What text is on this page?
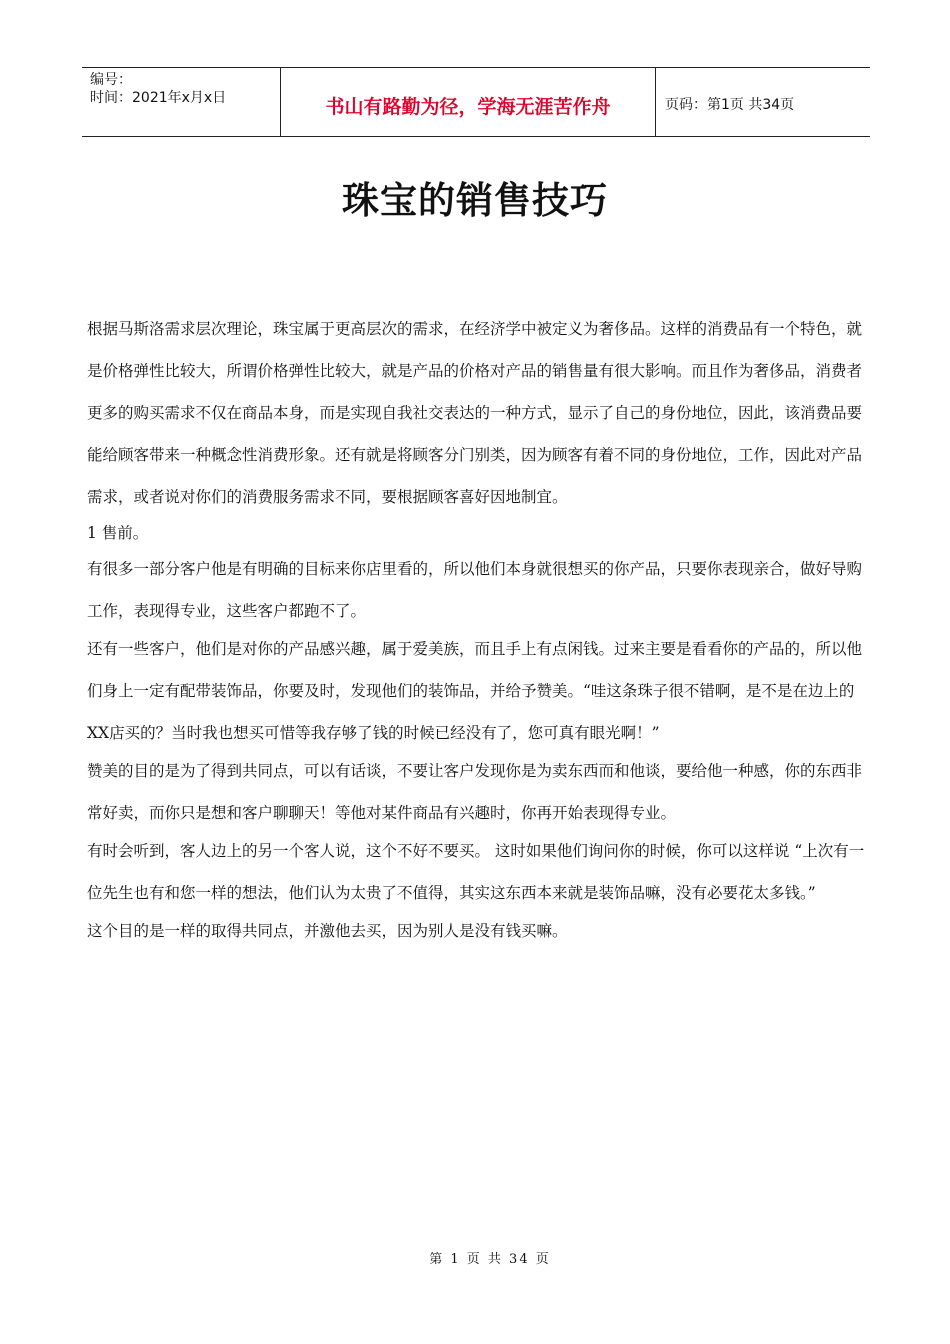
编号：
时间：2021年x月x日	书山有路勤为径，学海无涯苦作舟	页码：第1页 共34页
珠宝的销售技巧

根据马斯洛需求层次理论，珠宝属于更高层次的需求，在经济学中被定义为奢侈品。这样的消费品有一个特色，就是价格弹性比较大，所谓价格弹性比较大，就是产品的价格对产品的销售量有很大影响。而且作为奢侈品，消费者更多的购买需求不仅在商品本身，而是实现自我社交表达的一种方式，显示了自己的身份地位，因此，该消费品要能给顾客带来一种概念性消费形象。还有就是将顾客分门别类，因为顾客有着不同的身份地位，工作，因此对产品需求，或者说对你们的消费服务需求不同，要根据顾客喜好因地制宜。

1 售前。

有很多一部分客户他是有明确的目标来你店里看的，所以他们本身就很想买的你产品，只要你表现亲合，做好导购工作，表现得专业，这些客户都跑不了。

还有一些客户，他们是对你的产品感兴趣，属于爱美族，而且手上有点闲钱。过来主要是看看你的产品的，所以他们身上一定有配带装饰品，你要及时，发现他们的装饰品，并给予赞美。“哇这条珠子很不错啊，是不是在边上的XX店买的？当时我也想买可惜等我存够了钱的时候已经没有了，您可真有眼光啊！”

赞美的目的是为了得到共同点，可以有话谈，不要让客户发现你是为卖东西而和他谈，要给他一种感，你的东西非常好卖，而你只是想和客户聊聊天！等他对某件商品有兴趣时，你再开始表现得专业。

有时会听到，客人边上的另一个客人说，这个不好不要买。 这时如果他们询问你的时候，你可以这样说 “上次有一位先生也有和您一样的想法，他们认为太贵了不值得，其实这东西本来就是装饰品嘛，没有必要花太多钱。”

这个目的是一样的取得共同点，并激他去买，因为别人是没有钱买嘛。

第 1 页 共 34 页
